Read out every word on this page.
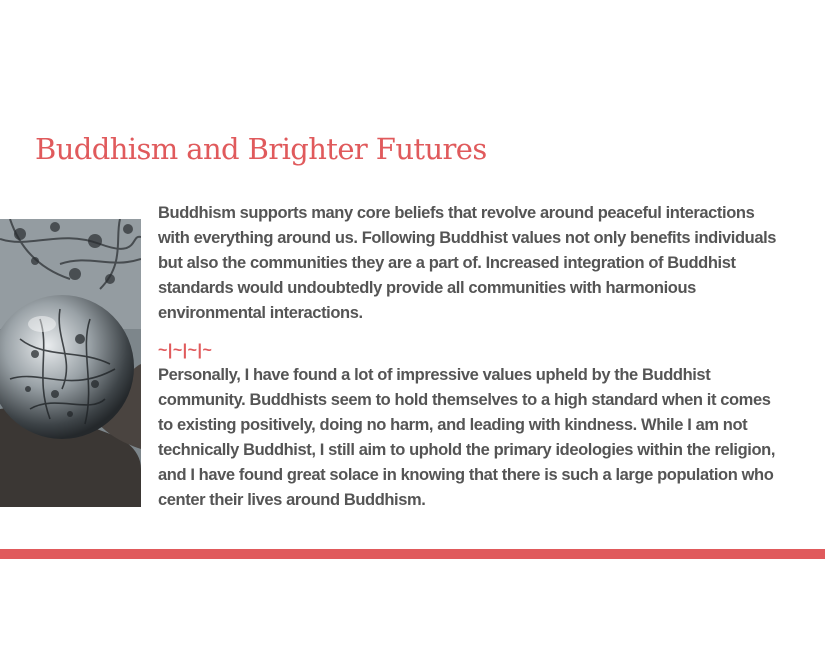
Buddhism and Brighter Futures

Buddhism supports many core beliefs that revolve around peaceful interactions with everything around us. Following Buddhist values not only benefits individuals but also the communities they are a part of. Increased integration of Buddhist standards would undoubtedly provide all communities with harmonious environmental interactions.

~|~|~|~

Personally, I have found a lot of impressive values upheld by the Buddhist community. Buddhists seem to hold themselves to a high standard when it comes to existing positively, doing no harm, and leading with kindness. While I am not technically Buddhist, I still aim to uphold the primary ideologies within the religion, and I have found great solace in knowing that there is such a large population who center their lives around Buddhism.
